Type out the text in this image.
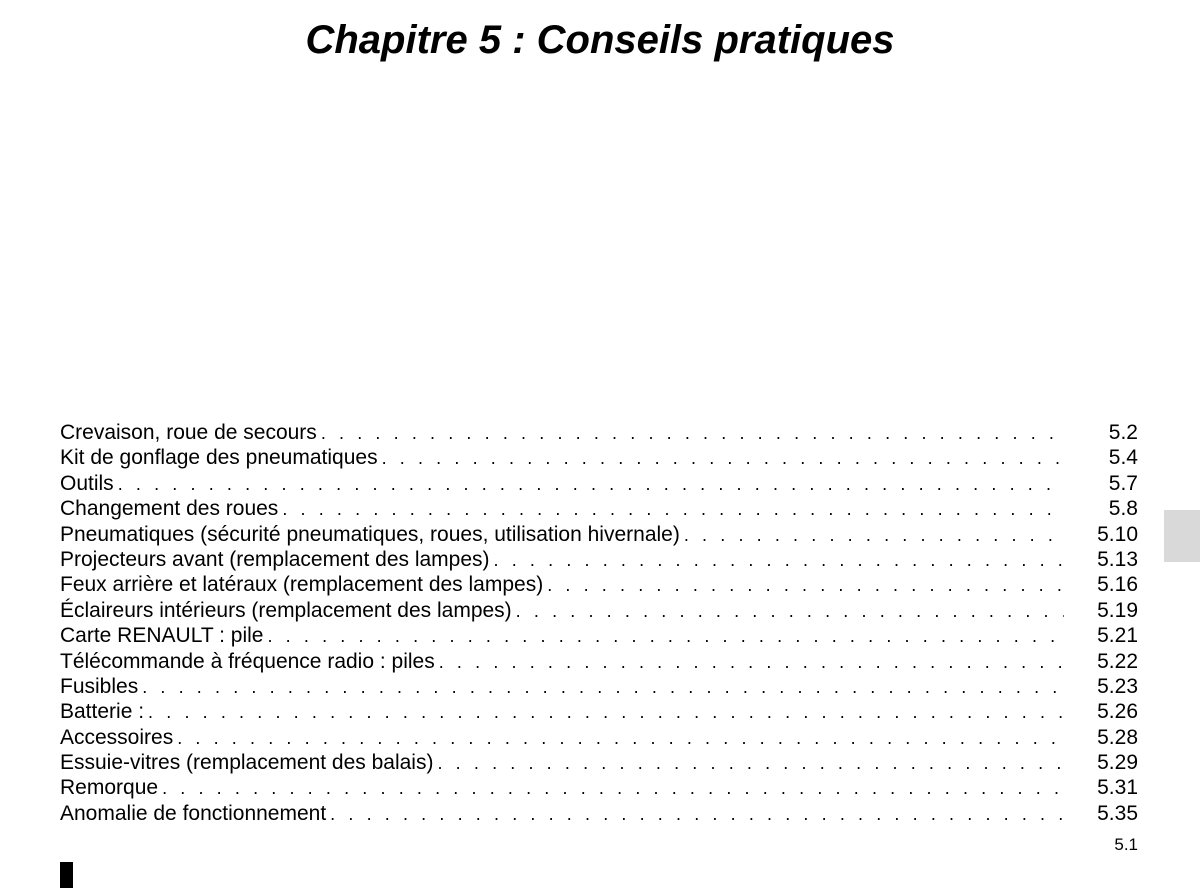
Chapitre 5 : Conseils pratiques
Crevaison, roue de secours . . .	5.2
Kit de gonflage des pneumatiques . . .	5.4
Outils . . .	5.7
Changement des roues . . .	5.8
Pneumatiques (sécurité pneumatiques, roues, utilisation hivernale) . . .	5.10
Projecteurs avant (remplacement des lampes) . . .	5.13
Feux arrière et latéraux (remplacement des lampes) . . .	5.16
Éclaireurs intérieurs (remplacement des lampes) . . .	5.19
Carte RENAULT : pile . . .	5.21
Télécommande à fréquence radio : piles . . .	5.22
Fusibles . . .	5.23
Batterie : . . .	5.26
Accessoires . . .	5.28
Essuie-vitres (remplacement des balais) . . .	5.29
Remorque . . .	5.31
Anomalie de fonctionnement . . .	5.35
5.1
